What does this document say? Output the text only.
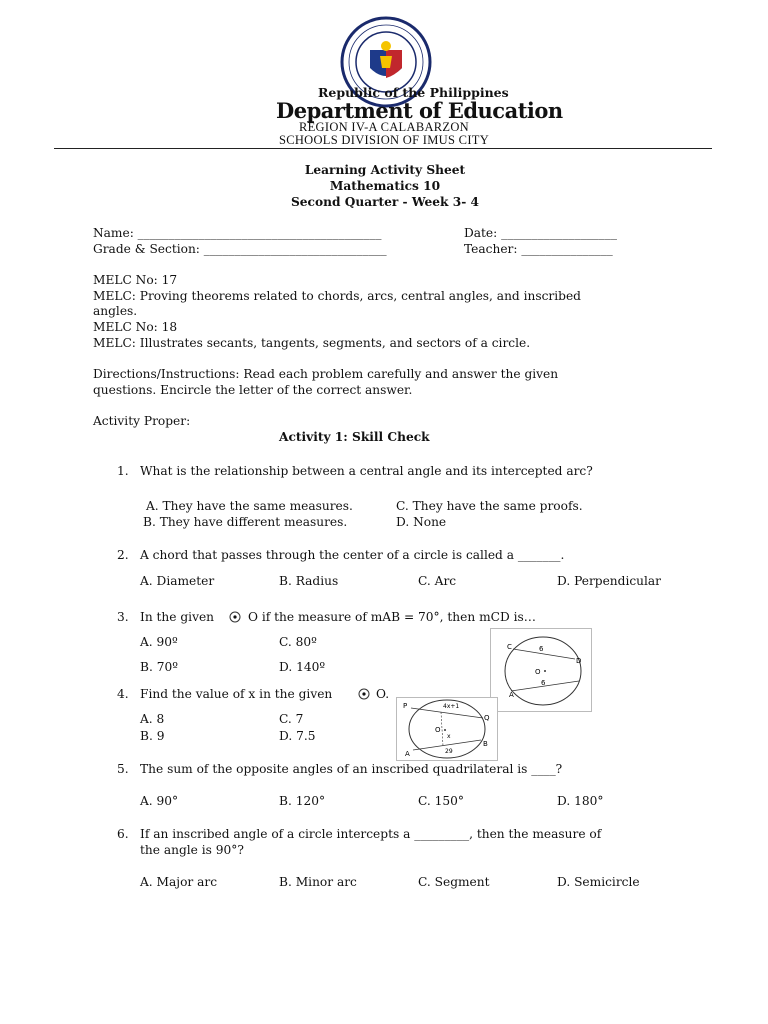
Republic of the Philippines
Department of Education
REGION IV-A CALABARZON
SCHOOLS DIVISION OF IMUS CITY
Learning Activity Sheet
Mathematics 10
Second Quarter - Week 3- 4
Name: ________________________________________	Date: ___________________
Grade & Section: ______________________________	Teacher: _______________
MELC No: 17
MELC: Proving theorems related to chords, arcs, central angles, and inscribed
angles.
MELC No: 18
MELC: Illustrates secants, tangents, segments, and sectors of a circle.
Directions/Instructions: Read each problem carefully and answer the given
questions. Encircle the letter of the correct answer.
Activity Proper:
Activity 1: Skill Check
1. What is the relationship between a central angle and its intercepted arc?
A. They have the same measures.	C. They have the same proofs.
B. They have different measures.	D. None
2. A chord that passes through the center of a circle is called a _______.
A. Diameter	B. Radius	C. Arc	D. Perpendicular
3. In the given	O if the measure of mAB = 70°, then mCD is…
A. 90º	C. 80º
B. 70º	D. 140º
C
D
A
O
6
6
4. Find the value of x in the given	O.
A. 8	C. 7
B. 9	D. 7.5
P
Q
A
B
O
4x+1
x
29
5. The sum of the opposite angles of an inscribed quadrilateral is ____?
A. 90°	B. 120°	C. 150°	D. 180°
6. If an inscribed angle of a circle intercepts a _________, then the measure of
the angle is 90°?
A. Major arc	B. Minor arc	C. Segment	D. Semicircle
